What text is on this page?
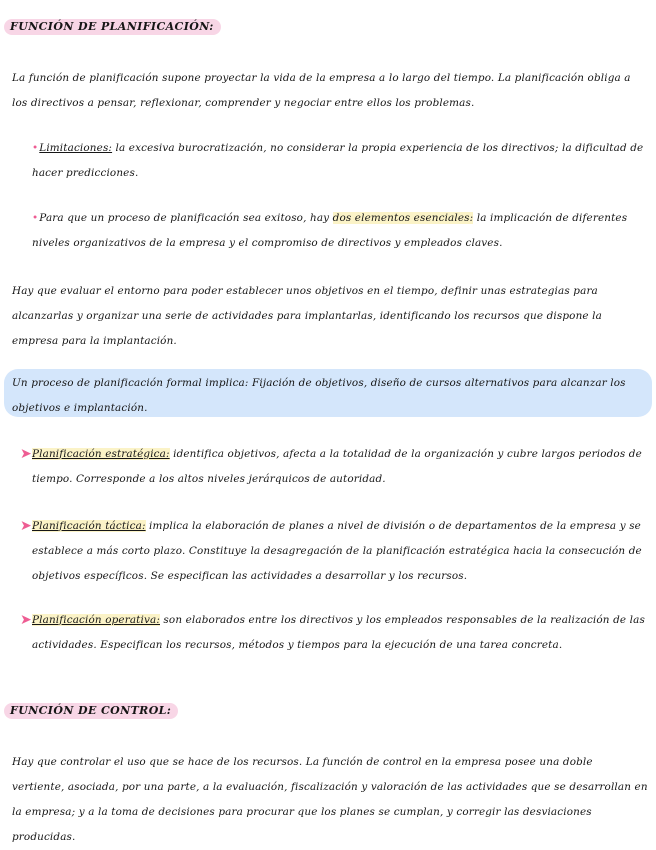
FUNCIÓN DE PLANIFICACIÓN:
La función de planificación supone proyectar la vida de la empresa a lo largo del tiempo. La planificación obliga a los directivos a pensar, reflexionar, comprender y negociar entre ellos los problemas.
•Limitaciones: la excesiva burocratización, no considerar la propia experiencia de los directivos; la dificultad de hacer predicciones.
•Para que un proceso de planificación sea exitoso, hay dos elementos esenciales: la implicación de diferentes niveles organizativos de la empresa y el compromiso de directivos y empleados claves.
Hay que evaluar el entorno para poder establecer unos objetivos en el tiempo, definir unas estrategias para alcanzarlas y organizar una serie de actividades para implantarlas, identificando los recursos que dispone la empresa para la implantación.
Un proceso de planificación formal implica: Fijación de objetivos, diseño de cursos alternativos para alcanzar los objetivos e implantación.
➤ Planificación estratégica: identifica objetivos, afecta a la totalidad de la organización y cubre largos periodos de tiempo. Corresponde a los altos niveles jerárquicos de autoridad.
➤ Planificación táctica: implica la elaboración de planes a nivel de división o de departamentos de la empresa y se establece a más corto plazo. Constituye la desagregación de la planificación estratégica hacia la consecución de objetivos específicos. Se especifican las actividades a desarrollar y los recursos.
➤ Planificación operativa: son elaborados entre los directivos y los empleados responsables de la realización de las actividades. Especifican los recursos, métodos y tiempos para la ejecución de una tarea concreta.
FUNCIÓN DE CONTROL:
Hay que controlar el uso que se hace de los recursos. La función de control en la empresa posee una doble vertiente, asociada, por una parte, a la evaluación, fiscalización y valoración de las actividades que se desarrollan en la empresa; y a la toma de decisiones para procurar que los planes se cumplan, y corregir las desviaciones producidas.
